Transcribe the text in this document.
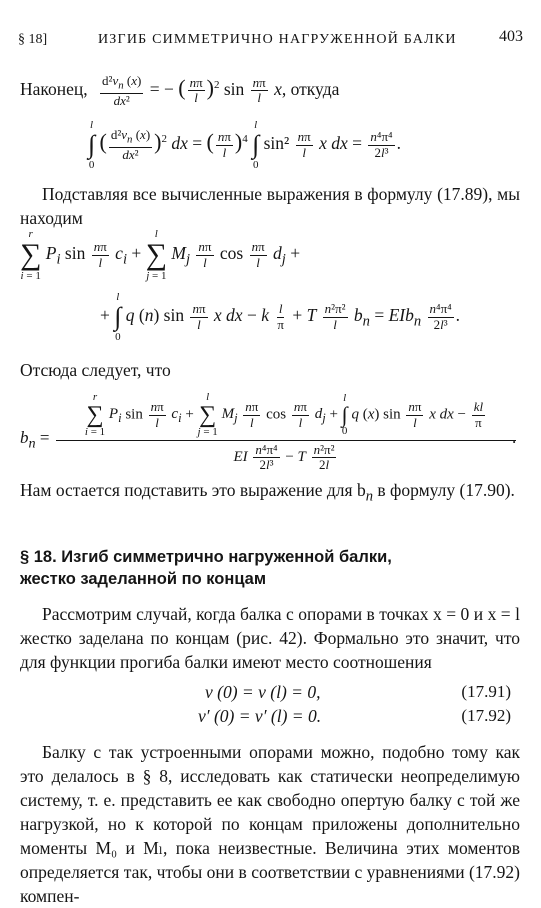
§ 18]	ИЗГИБ СИММЕТРИЧНО НАГРУЖЕННОЙ БАЛКИ	403
Наконец, $\frac{d^2v_n (x)}{\text{dx²}}$ = − ( $\frac{n\pi}{l} )^2$ $\sin \frac{n\pi}{l} x$, откуда
l
∫
0
( $\frac{d^2v_n (x)}{\text{dx²}} )^2$ dx = ( $\frac{n\pi}{l} )^4$
l
∫
0
$\sin^2 \frac{n\pi}{l}$ x dx = $\frac{\text{n⁴π⁴}}{\text{2l³}}$ .
Подставляя все вычисленные выражения в формулу (17.89), мы находим
r
∑
i = 1
$P_i$ $\sin \frac{n\pi}{l} c_i$ +
l
∑
j = 1
$M_j \frac{n\pi}{l}$ $\cos \frac{n\pi}{l} d_j$ +
+
l
∫
0
q (n) $\sin \frac{n\pi}{l}$ x dx − k $\frac{l}{\pi} + T \frac{\text{n²π²}}{l} b_n = EIb_n \frac{\text{n⁴π⁴}}{\text{2l³}}$ .
Отсюда следует, что
$b_n$ =
r
∑
i = 1
$P_i$ $\sin \frac{n\pi}{l} c_i$ +
l
∑
j = 1
$M_j \frac{n\pi}{l}$ $\cos \frac{n\pi}{l} d_j$ +
l
∫
0
q (x) $\sin \frac{n\pi}{l}$ x dx − $\frac{kl}{\pi}$
EI $\frac{\text{n⁴π⁴}}{\text{2l³}} - T \frac{\text{n²π²}}{2l}$
.
Нам остается подставить это выражение для $b_n$ в формулу (17.90).
§ 18. Изгиб симметрично нагруженной балки,
жестко заделанной по концам
Рассмотрим случай, когда балка с опорами в точках x = 0 и x = l жестко заделана по концам (рис. 42). Формально это значит, что для функции прогиба балки имеют место соотношения
v (0) = v (l) = 0,	(17.91)
v′ (0) = v′ (l) = 0.	(17.92)
Балку с так устроенными опорами можно, подобно тому как это делалось в § 8, исследовать как статически неопределимую систему, т. е. представить ее как свободно опертую балку с той же нагрузкой, но к которой по концам приложены дополнительно моменты M₀ и Mₗ, пока неизвестные. Величина этих моментов определяется так, чтобы они в соответствии с уравнениями (17.92) компен-
